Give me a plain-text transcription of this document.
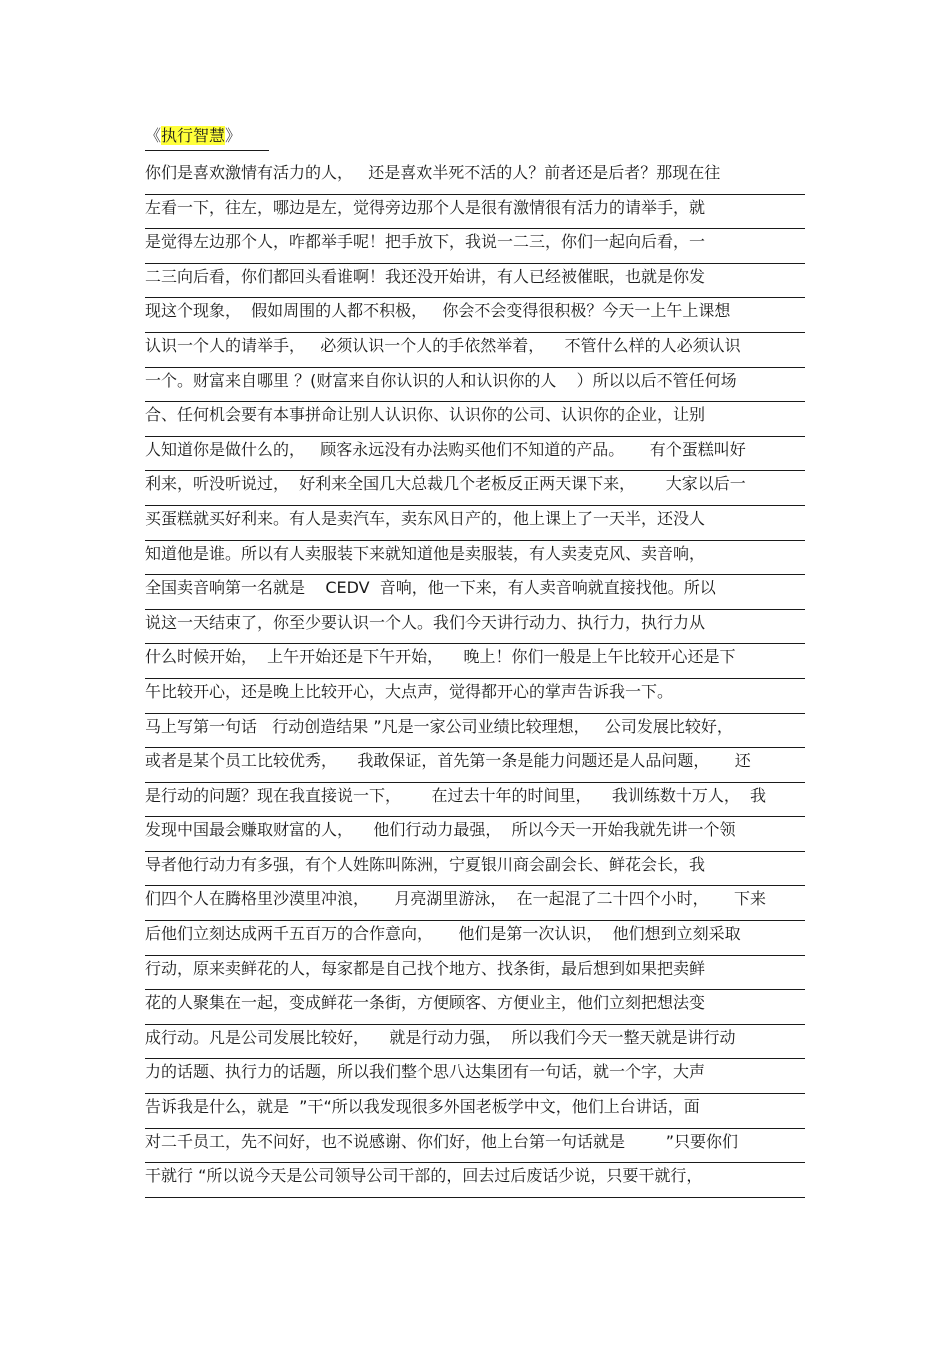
《执行智慧》
你们是喜欢激情有活力的人，   还是喜欢半死不活的人？前者还是后者？那现在往
左看一下，往左，哪边是左，觉得旁边那个人是很有激情很有活力的请举手，就
是觉得左边那个人，咋都举手呢！把手放下，我说一二三，你们一起向后看，一
二三向后看，你们都回头看谁啊！我还没开始讲，有人已经被催眠，也就是你发
现这个现象，  假如周围的人都不积极，   你会不会变得很积极？今天一上午上课想
认识一个人的请举手，   必须认识一个人的手依然举着，    不管什么样的人必须认识
一个。财富来自哪里 ？(财富来自你认识的人和认识你的人    ）所以以后不管任何场
合、任何机会要有本事拼命让别人认识你、认识你的公司、认识你的企业，让别
人知道你是做什么的，   顾客永远没有办法购买他们不知道的产品。     有个蛋糕叫好
利来，听没听说过，  好利来全国几大总裁几个老板反正两天课下来，      大家以后一
买蛋糕就买好利来。有人是卖汽车，卖东风日产的，他上课上了一天半，还没人
知道他是谁。所以有人卖服装下来就知道他是卖服装，有人卖麦克风、卖音响，
全国卖音响第一名就是    CEDV  音响，他一下来，有人卖音响就直接找他。所以
说这一天结束了，你至少要认识一个人。我们今天讲行动力、执行力，执行力从
什么时候开始，  上午开始还是下午开始，    晚上！你们一般是上午比较开心还是下
午比较开心，还是晚上比较开心，大点声，觉得都开心的掌声告诉我一下。
马上写第一句话   行动创造结果 ”凡是一家公司业绩比较理想，   公司发展比较好，
或者是某个员工比较优秀，    我敢保证，首先第一条是能力问题还是人品问题，     还
是行动的问题？现在我直接说一下，      在过去十年的时间里，    我训练数十万人，  我
发现中国最会赚取财富的人，    他们行动力最强，  所以今天一开始我就先讲一个领
导者他行动力有多强，有个人姓陈叫陈洲，宁夏银川商会副会长、鲜花会长，我
们四个人在腾格里沙漠里冲浪，     月亮湖里游泳，  在一起混了二十四个小时，     下来
后他们立刻达成两千五百万的合作意向，     他们是第一次认识，  他们想到立刻采取
行动，原来卖鲜花的人，每家都是自己找个地方、找条街，最后想到如果把卖鲜
花的人聚集在一起，变成鲜花一条街，方便顾客、方便业主，他们立刻把想法变
成行动。凡是公司发展比较好，    就是行动力强，  所以我们今天一整天就是讲行动
力的话题、执行力的话题，所以我们整个思八达集团有一句话，就一个字，大声
告诉我是什么，就是  ”干“所以我发现很多外国老板学中文，他们上台讲话，面
对二千员工，先不问好，也不说感谢、你们好，他上台第一句话就是        ”只要你们
干就行 “所以说今天是公司领导公司干部的，回去过后废话少说，只要干就行，
